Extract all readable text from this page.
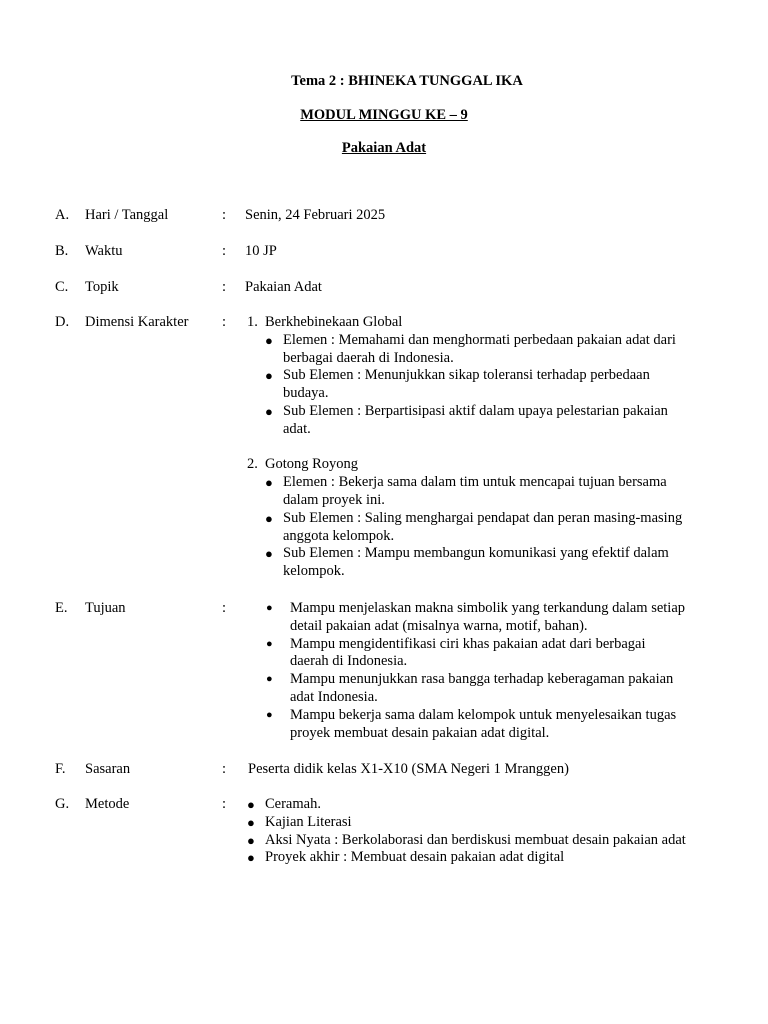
Tema 2 : BHINEKA TUNGGAL IKA
MODUL MINGGU KE – 9
Pakaian Adat
A. Hari / Tanggal	: Senin, 24 Februari 2025
B. Waktu	: 10 JP
C. Topik	: Pakaian Adat
D. Dimensi Karakter : 1. Berkhebinekaan Global
● Elemen : Memahami dan menghormati perbedaan pakaian adat dari berbagai daerah di Indonesia.
● Sub Elemen : Menunjukkan sikap toleransi terhadap perbedaan budaya.
● Sub Elemen : Berpartisipasi aktif dalam upaya pelestarian pakaian adat.
2. Gotong Royong
● Elemen : Bekerja sama dalam tim untuk mencapai tujuan bersama dalam proyek ini.
● Sub Elemen : Saling menghargai pendapat dan peran masing-masing anggota kelompok.
● Sub Elemen : Mampu membangun komunikasi yang efektif dalam kelompok.
E. Tujuan	:	● Mampu menjelaskan makna simbolik yang terkandung dalam setiap detail pakaian adat (misalnya warna, motif, bahan).
● Mampu mengidentifikasi ciri khas pakaian adat dari berbagai daerah di Indonesia.
● Mampu menunjukkan rasa bangga terhadap keberagaman pakaian adat Indonesia.
● Mampu bekerja sama dalam kelompok untuk menyelesaikan tugas proyek membuat desain pakaian adat digital.
F. Sasaran	: Peserta didik kelas X1-X10 (SMA Negeri 1 Mranggen)
G. Metode	: ● Ceramah.
● Kajian Literasi
● Aksi Nyata : Berkolaborasi dan berdiskusi membuat desain pakaian adat
● Proyek akhir : Membuat desain pakaian adat digital
